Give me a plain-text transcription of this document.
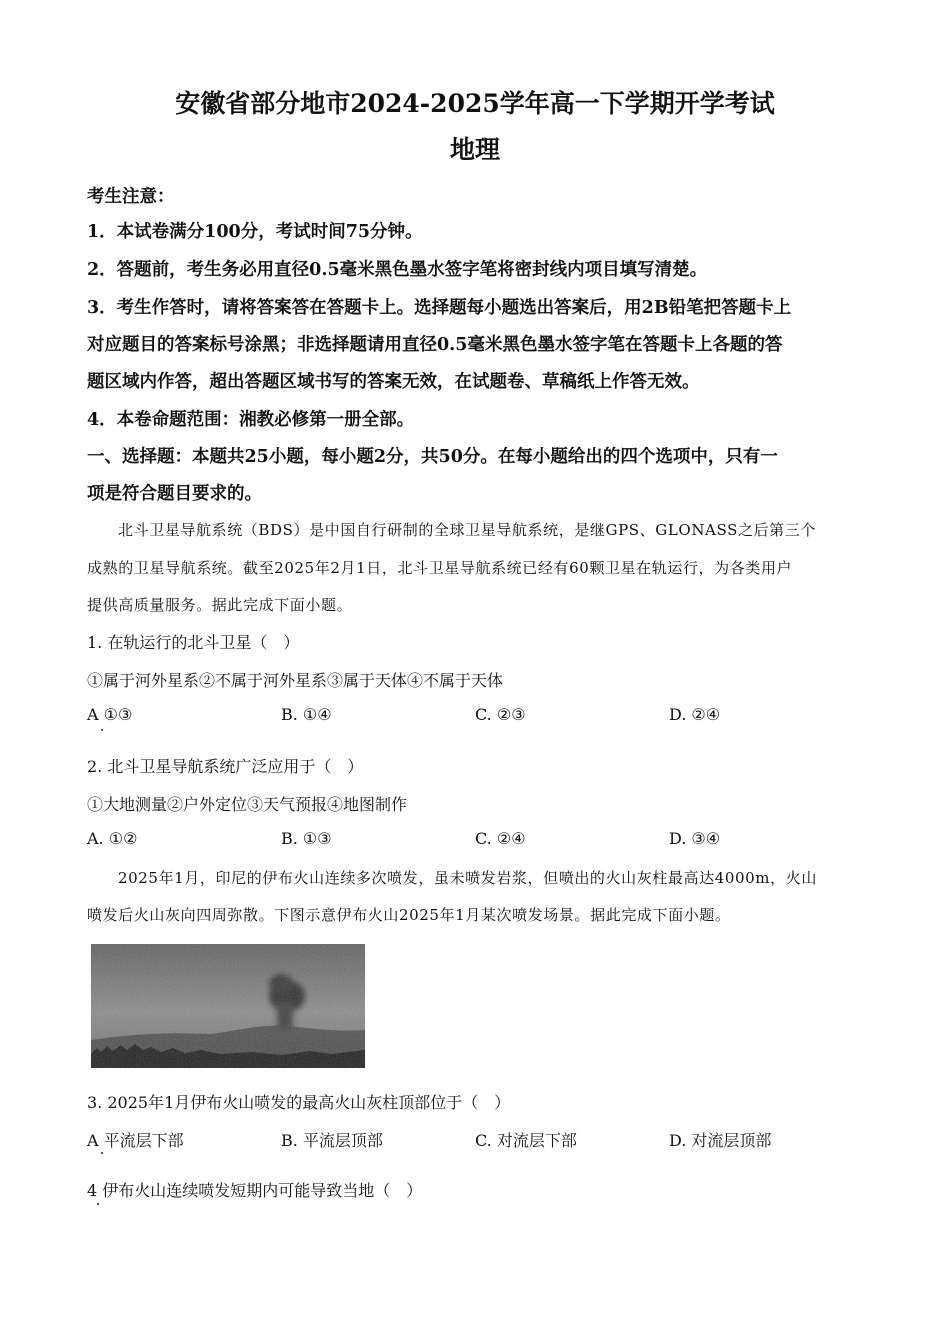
安徽省部分地市2024-2025学年高一下学期开学考试
地理
考生注意：
1．本试卷满分100分，考试时间75分钟。
2．答题前，考生务必用直径0.5毫米黑色墨水签字笔将密封线内项目填写清楚。
3．考生作答时，请将答案答在答题卡上。选择题每小题选出答案后，用2B铅笔把答题卡上
对应题目的答案标号涂黑；非选择题请用直径0.5毫米黑色墨水签字笔在答题卡上各题的答
题区域内作答，超出答题区域书写的答案无效，在试题卷、草稿纸上作答无效。
4．本卷命题范围：湘教必修第一册全部。
一、选择题：本题共25小题，每小题2分，共50分。在每小题给出的四个选项中，只有一
项是符合题目要求的。
北斗卫星导航系统（BDS）是中国自行研制的全球卫星导航系统，是继GPS、GLONASS之后第三个
成熟的卫星导航系统。截至2025年2月1日，北斗卫星导航系统已经有60颗卫星在轨运行，为各类用户
提供高质量服务。据此完成下面小题。
1. 在轨运行的北斗卫星（　）
①属于河外星系②不属于河外星系③属于天体④不属于天体
A ①③	B. ①④	C. ②③	D. ②④
2. 北斗卫星导航系统广泛应用于（　）
①大地测量②户外定位③天气预报④地图制作
A. ①②	B. ①③	C. ②④	D. ③④
2025年1月，印尼的伊布火山连续多次喷发，虽未喷发岩浆，但喷出的火山灰柱最高达4000m，火山
喷发后火山灰向四周弥散。下图示意伊布火山2025年1月某次喷发场景。据此完成下面小题。
3. 2025年1月伊布火山喷发的最高火山灰柱顶部位于（　）
A 平流层下部	B. 平流层顶部	C. 对流层下部	D. 对流层顶部
4 伊布火山连续喷发短期内可能导致当地（　）
